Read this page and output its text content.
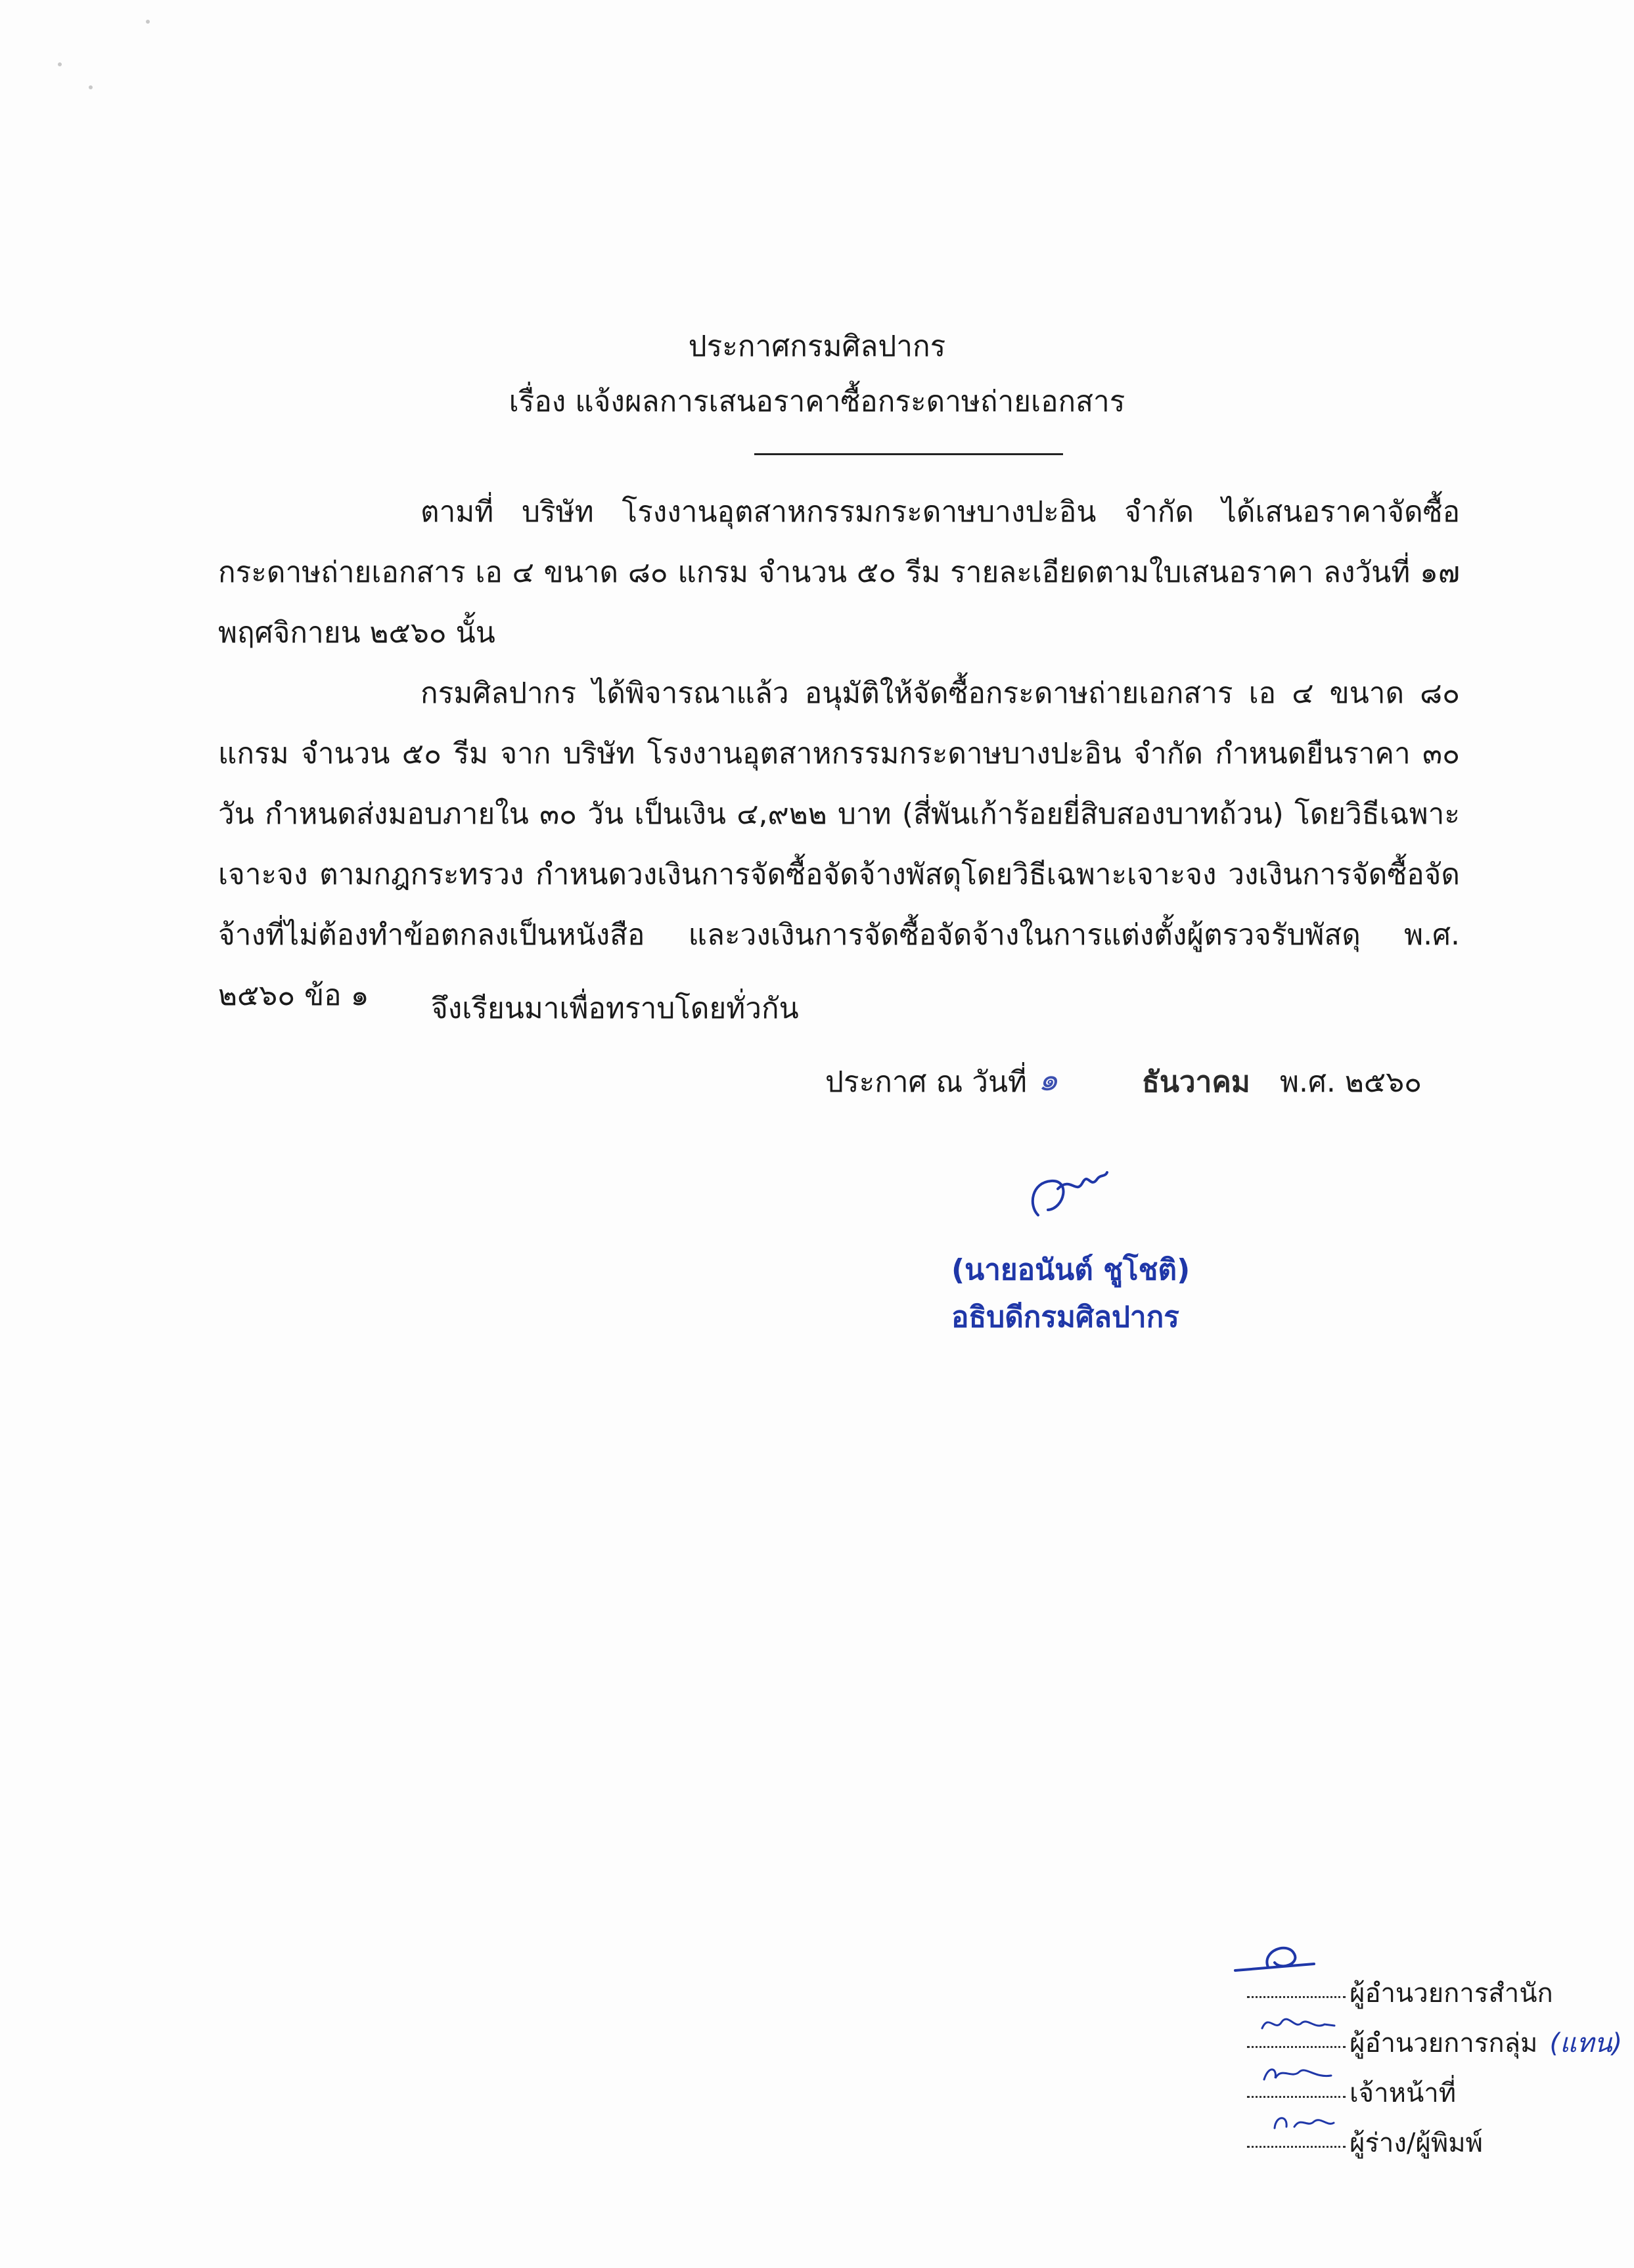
ประกาศกรมศิลปากร
เรื่อง แจ้งผลการเสนอราคาซื้อกระดาษถ่ายเอกสาร
ตามที่ บริษัท โรงงานอุตสาหกรรมกระดาษบางปะอิน จำกัด ได้เสนอราคาจัดซื้อกระดาษถ่ายเอกสาร เอ ๔ ขนาด ๘๐ แกรม จำนวน ๕๐ รีม รายละเอียดตามใบเสนอราคา ลงวันที่ ๑๗ พฤศจิกายน ๒๕๖๐ นั้น
กรมศิลปากร ได้พิจารณาแล้ว อนุมัติให้จัดซื้อกระดาษถ่ายเอกสาร เอ ๔ ขนาด ๘๐ แกรม จำนวน ๕๐ รีม จาก บริษัท โรงงานอุตสาหกรรมกระดาษบางปะอิน จำกัด กำหนดยืนราคา ๓๐ วัน กำหนดส่งมอบภายใน ๓๐ วัน เป็นเงิน ๔,๙๒๒ บาท (สี่พันเก้าร้อยยี่สิบสองบาทถ้วน) โดยวิธีเฉพาะเจาะจง ตามกฎกระทรวง กำหนดวงเงินการจัดซื้อจัดจ้างพัสดุโดยวิธีเฉพาะเจาะจง วงเงินการจัดซื้อจัดจ้างที่ไม่ต้องทำข้อตกลงเป็นหนังสือ และวงเงินการจัดซื้อจัดจ้างในการแต่งตั้งผู้ตรวจรับพัสดุ พ.ศ. ๒๕๖๐ ข้อ ๑	จึงเรียนมาเพื่อทราบโดยทั่วกัน
ประกาศ ณ วันที่ ๑	ธันวาคม พ.ศ. ๒๕๖๐
(นายอนันต์ ชูโชติ)
อธิบดีกรมศิลปากร
ผู้อำนวยการสำนัก
ผู้อำนวยการกลุ่ม (แทน)
เจ้าหน้าที่
ผู้ร่าง/ผู้พิมพ์
